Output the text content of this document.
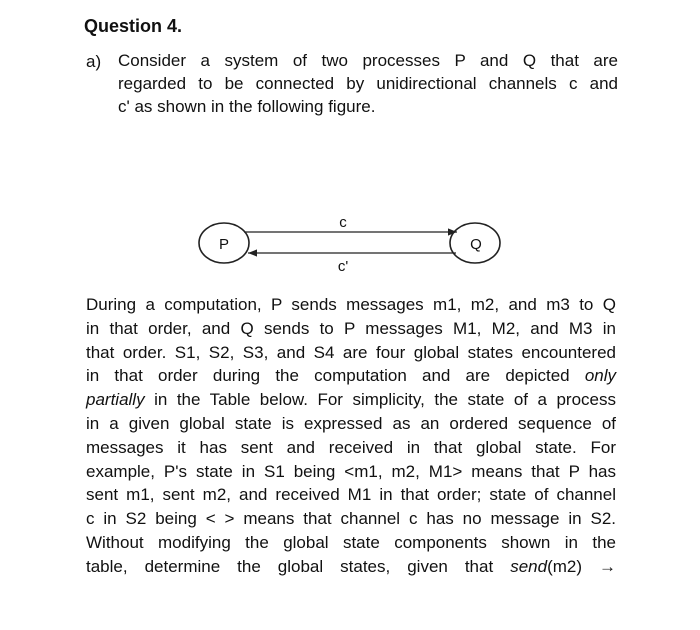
Question 4.
a) Consider a system of two processes P and Q that are
regarded to be connected by unidirectional channels c and
c' as shown in the following figure.
P	Q
c
c'
During a computation, P sends messages m1, m2, and m3 to Q
in that order, and Q sends to P messages M1, M2, and M3 in
that order. S1, S2, S3, and S4 are four global states encountered
in that order during the computation and are depicted only
partially in the Table below. For simplicity, the state of a process
in a given global state is expressed as an ordered sequence of
messages it has sent and received in that global state. For
example, P's state in S1 being <m1, m2, M1> means that P has
sent m1, sent m2, and received M1 in that order; state of channel
c in S2 being < > means that channel c has no message in S2.
Without modifying the global state components shown in the
table, determine the global states, given that send(m2) →
